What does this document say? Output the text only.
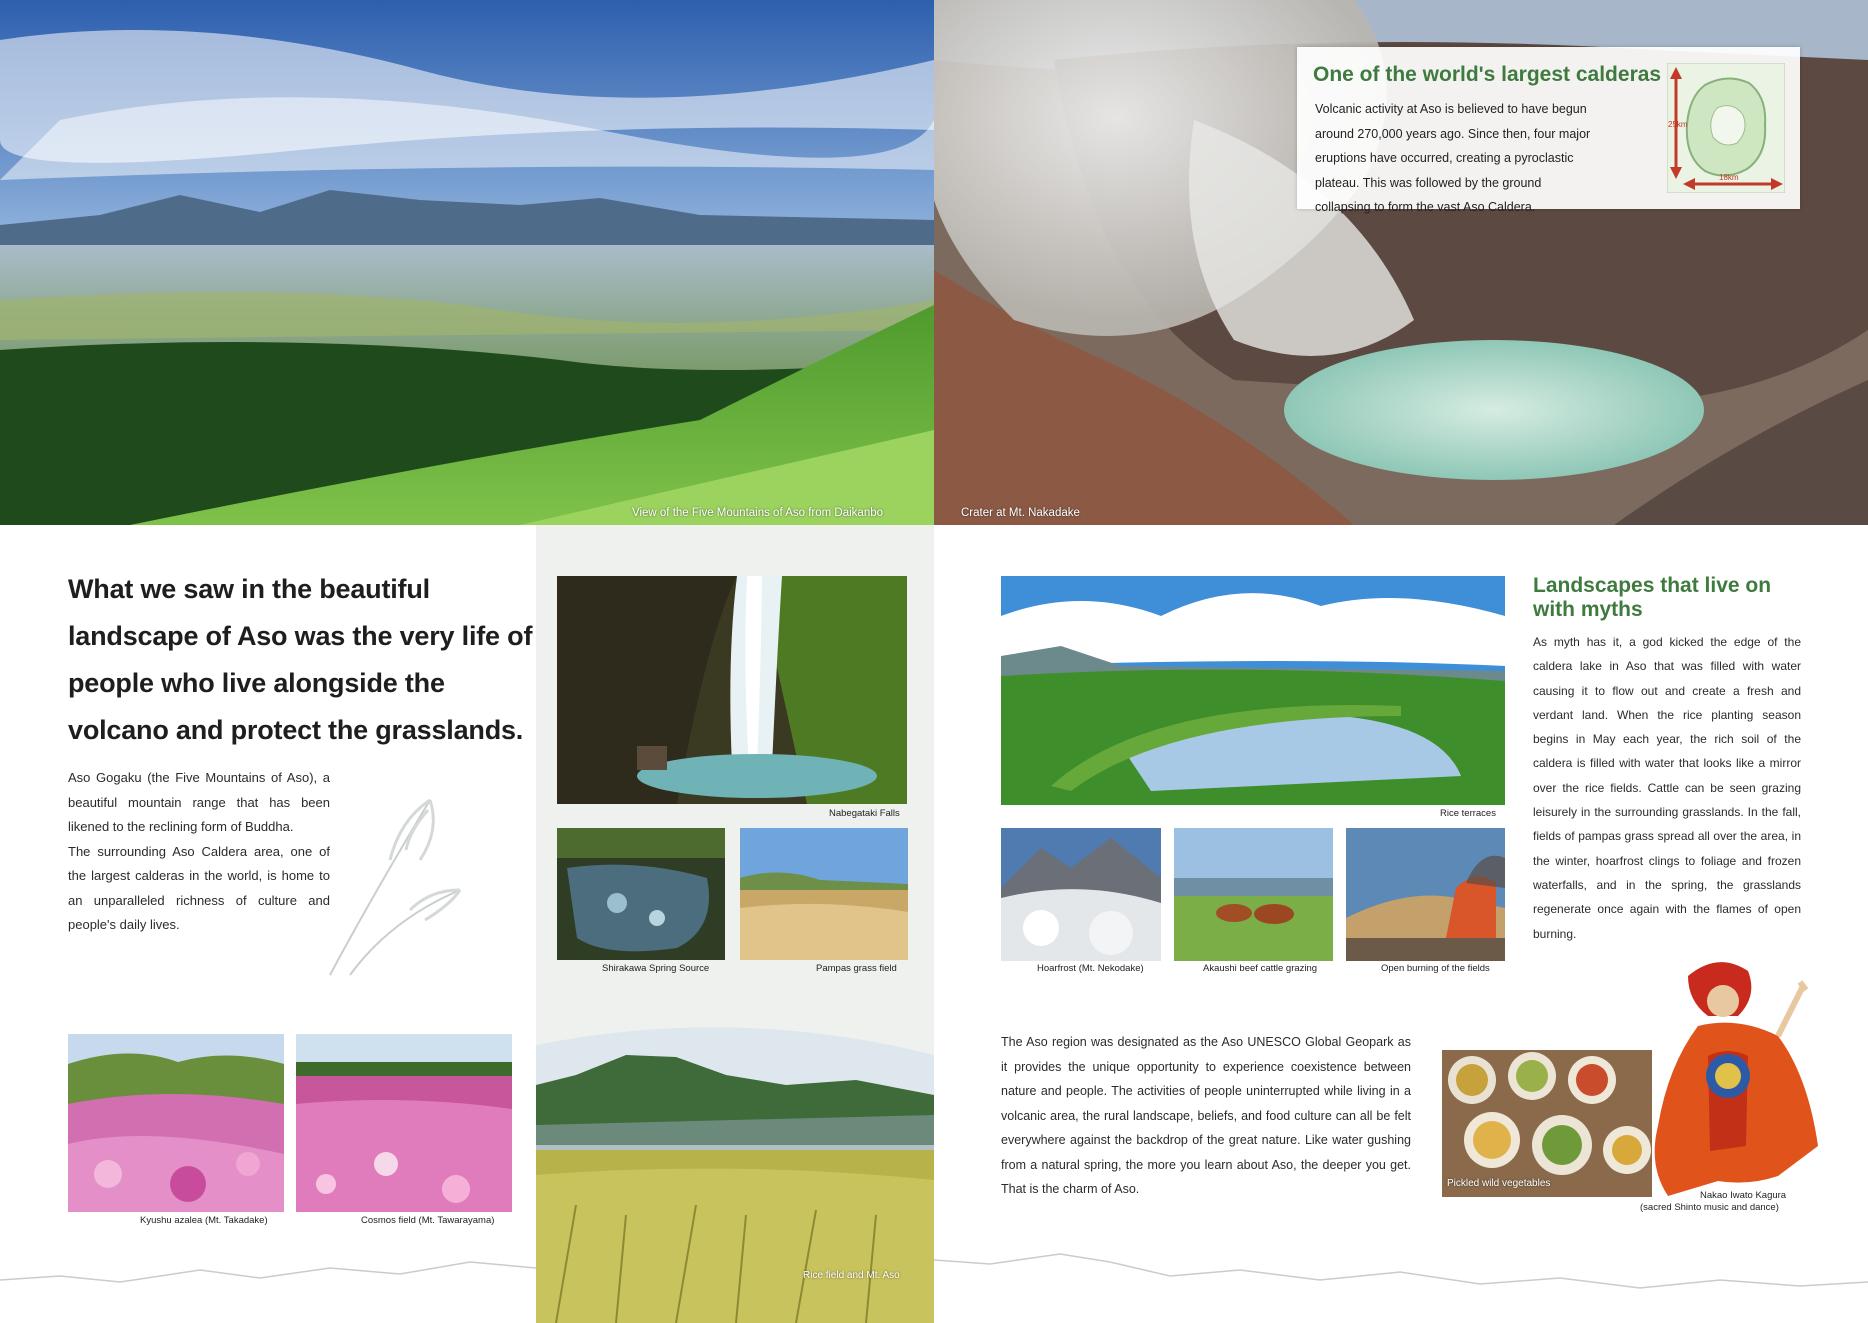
View of the Five Mountains of Aso from Daikanbo	Crater at Mt. Nakadake
One of the world's largest calderas
Volcanic activity at Aso is believed to have begun around 270,000 years ago. Since then, four major eruptions have occurred, creating a pyroclastic plateau. This was followed by the ground collapsing to form the vast Aso Caldera.
25km
18km
What we saw in the beautiful landscape of Aso was the very life of people who live alongside the volcano and protect the grasslands.

Aso Gogaku (the Five Mountains of Aso), a beautiful mountain range that has been likened to the reclining form of Buddha.

The surrounding Aso Caldera area, one of the largest calderas in the world, is home to an unparalleled richness of culture and people's daily lives.

Kyushu azalea (Mt. Takadake)	Cosmos field (Mt. Tawarayama)
Nabegataki Falls
Shirakawa Spring Source	Pampas grass field
Rice field and Mt. Aso
Rice terraces
Hoarfrost (Mt. Nekodake)	Akaushi beef cattle grazing	Open burning of the fields
Landscapes that live on with myths
As myth has it, a god kicked the edge of the caldera lake in Aso that was filled with water causing it to flow out and create a fresh and verdant land. When the rice planting season begins in May each year, the rich soil of the caldera is filled with water that looks like a mirror over the rice fields. Cattle can be seen grazing leisurely in the surrounding grasslands. In the fall, fields of pampas grass spread all over the area, in the winter, hoarfrost clings to foliage and frozen waterfalls, and in the spring, the grasslands regenerate once again with the flames of open burning.
The Aso region was designated as the Aso UNESCO Global Geopark as it provides the unique opportunity to experience coexistence between nature and people. The activities of people uninterrupted while living in a volcanic area, the rural landscape, beliefs, and food culture can all be felt everywhere against the backdrop of the great nature. Like water gushing from a natural spring, the more you learn about Aso, the deeper you get. That is the charm of Aso.	Pickled wild vegetables
Nakao Iwato Kagura
(sacred Shinto music and dance)
